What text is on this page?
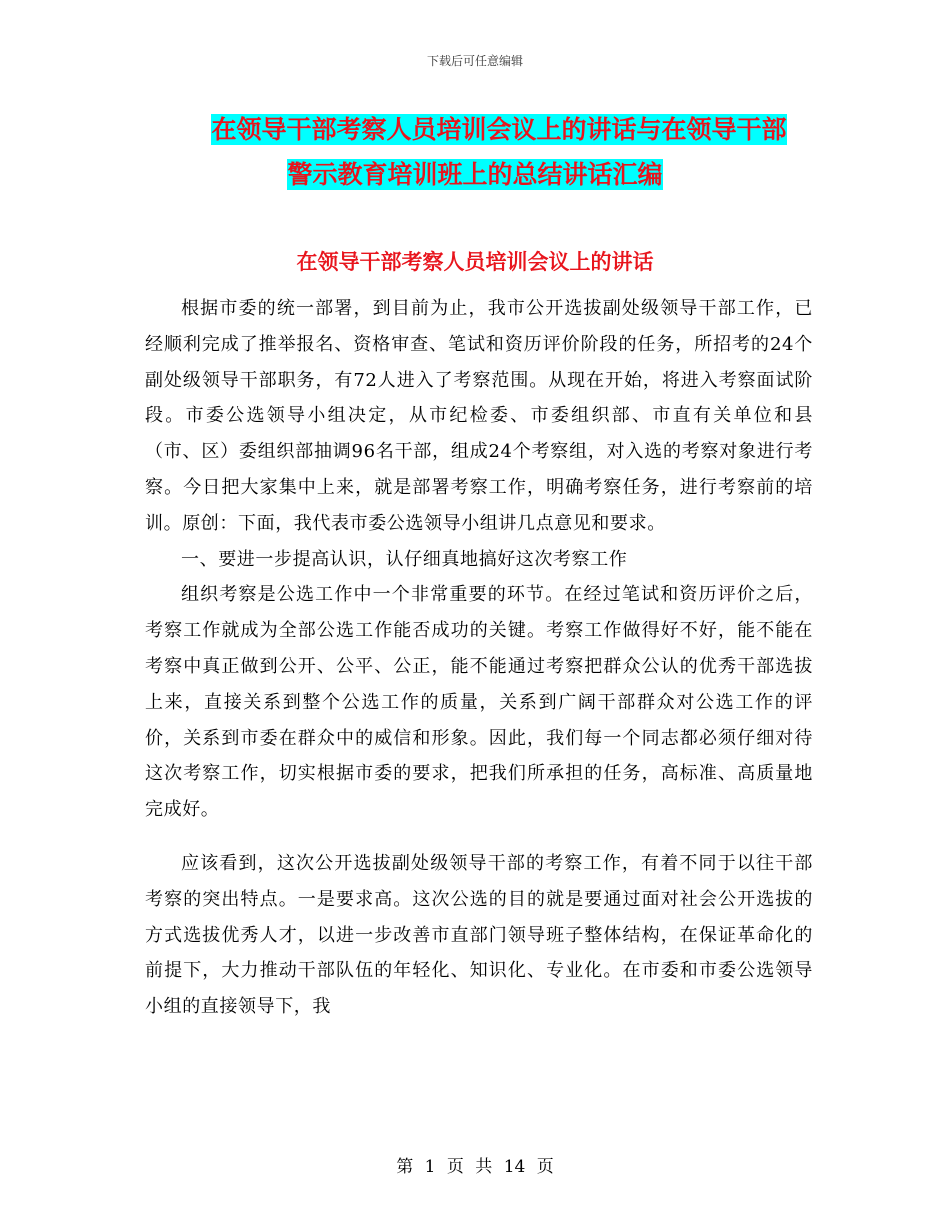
下载后可任意编辑
在领导干部考察人员培训会议上的讲话与在领导干部
警示教育培训班上的总结讲话汇编
在领导干部考察人员培训会议上的讲话

根据市委的统一部署，到目前为止，我市公开选拔副处级领导干部工作，已经顺利完成了推举报名、资格审查、笔试和资历评价阶段的任务，所招考的24个副处级领导干部职务，有72人进入了考察范围。从现在开始，将进入考察面试阶段。市委公选领导小组决定，从市纪检委、市委组织部、市直有关单位和县（市、区）委组织部抽调96名干部，组成24个考察组，对入选的考察对象进行考察。今日把大家集中上来，就是部署考察工作，明确考察任务，进行考察前的培训。原创：下面，我代表市委公选领导小组讲几点意见和要求。

一、要进一步提高认识，认仔细真地搞好这次考察工作

组织考察是公选工作中一个非常重要的环节。在经过笔试和资历评价之后，考察工作就成为全部公选工作能否成功的关键。考察工作做得好不好，能不能在考察中真正做到公开、公平、公正，能不能通过考察把群众公认的优秀干部选拔上来，直接关系到整个公选工作的质量，关系到广阔干部群众对公选工作的评价，关系到市委在群众中的威信和形象。因此，我们每一个同志都必须仔细对待这次考察工作，切实根据市委的要求，把我们所承担的任务，高标准、高质量地完成好。

应该看到，这次公开选拔副处级领导干部的考察工作，有着不同于以往干部考察的突出特点。一是要求高。这次公选的目的就是要通过面对社会公开选拔的方式选拔优秀人才，以进一步改善市直部门领导班子整体结构，在保证革命化的前提下，大力推动干部队伍的年轻化、知识化、专业化。在市委和市委公选领导小组的直接领导下，我

第 1 页 共 14 页
